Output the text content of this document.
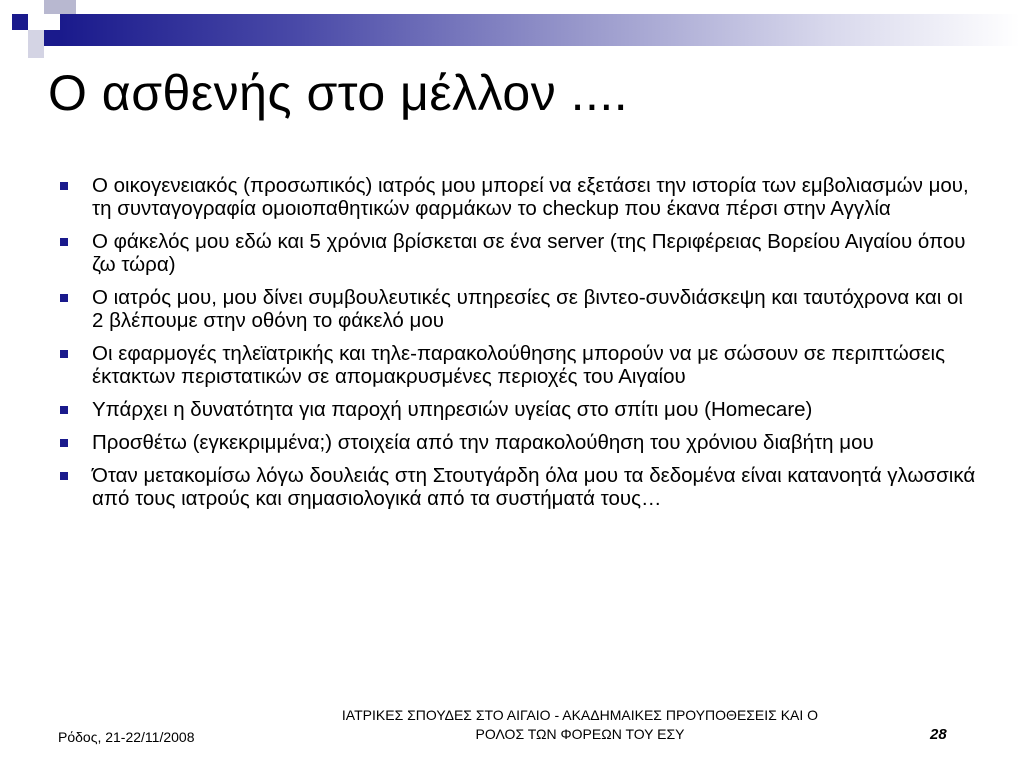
Ο ασθενής στο μέλλον ....
Ο οικογενειακός (προσωπικός) ιατρός μου μπορεί να εξετάσει την ιστορία των εμβολιασμών μου, τη συνταγογραφία ομοιοπαθητικών φαρμάκων το checkup που έκανα πέρσι στην Αγγλία
Ο φάκελός μου εδώ και 5 χρόνια βρίσκεται σε ένα server (της Περιφέρειας Βορείου Αιγαίου όπου ζω τώρα)
Ο ιατρός μου, μου δίνει συμβουλευτικές υπηρεσίες σε βιντεο-συνδιάσκεψη και ταυτόχρονα και οι 2 βλέπουμε στην οθόνη το φάκελό μου
Οι εφαρμογές τηλεϊατρικής και τηλε-παρακολούθησης μπορούν να με σώσουν σε περιπτώσεις έκτακτων περιστατικών σε απομακρυσμένες περιοχές του Αιγαίου
Υπάρχει η δυνατότητα για παροχή υπηρεσιών υγείας στο σπίτι μου (Homecare)
Προσθέτω (εγκεκριμμένα;) στοιχεία από την παρακολούθηση του χρόνιου διαβήτη μου
Όταν μετακομίσω λόγω δουλειάς στη Στουτγάρδη όλα μου τα δεδομένα είναι κατανοητά γλωσσικά από τους ιατρούς και σημασιολογικά από τα συστήματά τους…
Ρόδος, 21-22/11/2008
ΙΑΤΡΙΚΕΣ ΣΠΟΥΔΕΣ ΣΤΟ ΑΙΓΑΙΟ - ΑΚΑΔΗΜΑΙΚΕΣ ΠΡΟΥΠΟΘΕΣΕΙΣ ΚΑΙ Ο
ΡΟΛΟΣ ΤΩΝ ΦΟΡΕΩΝ ΤΟΥ ΕΣΥ	28
